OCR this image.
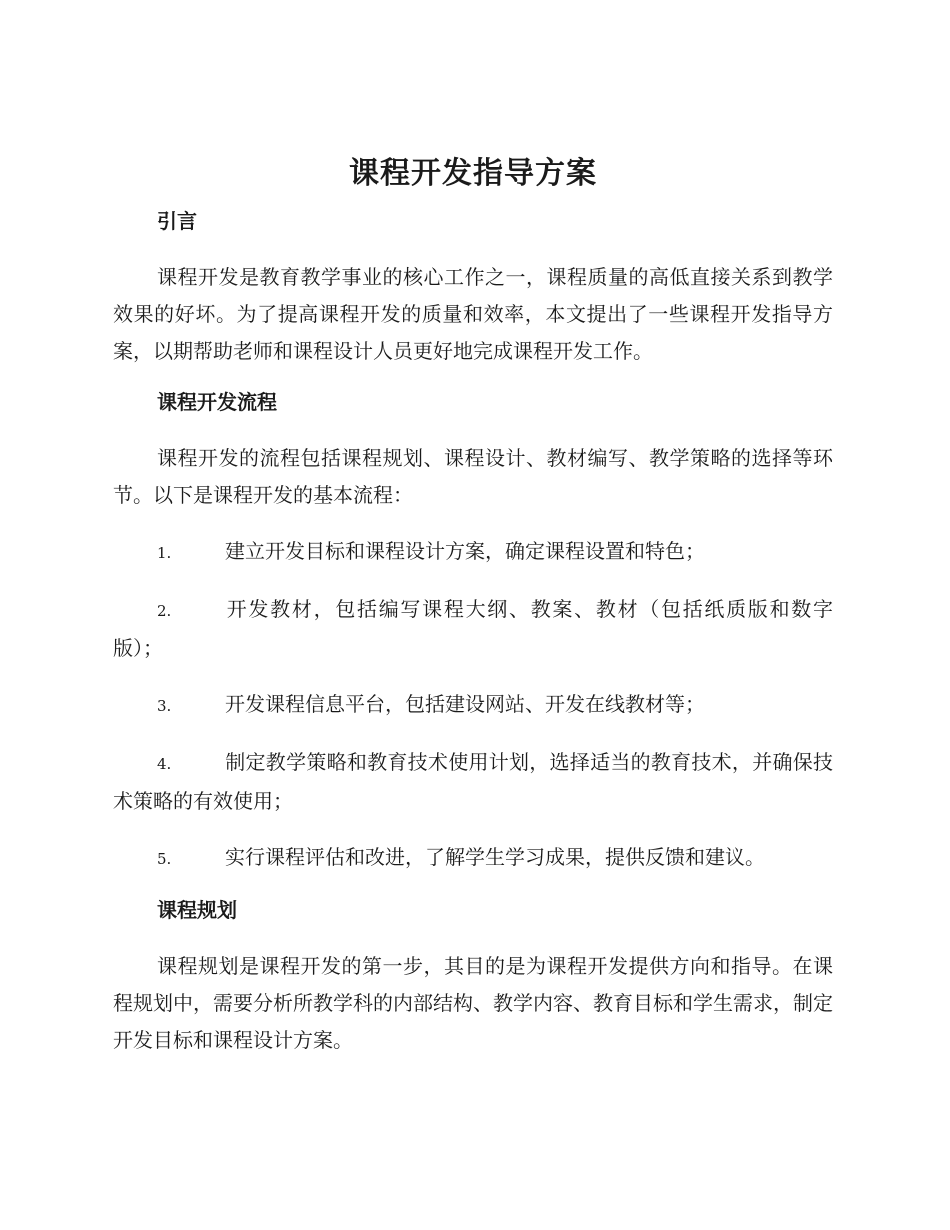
课程开发指导方案
引言

课程开发是教育教学事业的核心工作之一，课程质量的高低直接关系到教学效果的好坏。为了提高课程开发的质量和效率，本文提出了一些课程开发指导方案，以期帮助老师和课程设计人员更好地完成课程开发工作。

课程开发流程

课程开发的流程包括课程规划、课程设计、教材编写、教学策略的选择等环节。以下是课程开发的基本流程：

1.	建立开发目标和课程设计方案，确定课程设置和特色；
2.	开发教材，包括编写课程大纲、教案、教材（包括纸质版和数字版）；
3.	开发课程信息平台，包括建设网站、开发在线教材等；
4.	制定教学策略和教育技术使用计划，选择适当的教育技术，并确保技术策略的有效使用；
5.	实行课程评估和改进，了解学生学习成果，提供反馈和建议。
课程规划

课程规划是课程开发的第一步，其目的是为课程开发提供方向和指导。在课程规划中，需要分析所教学科的内部结构、教学内容、教育目标和学生需求，制定开发目标和课程设计方案。
